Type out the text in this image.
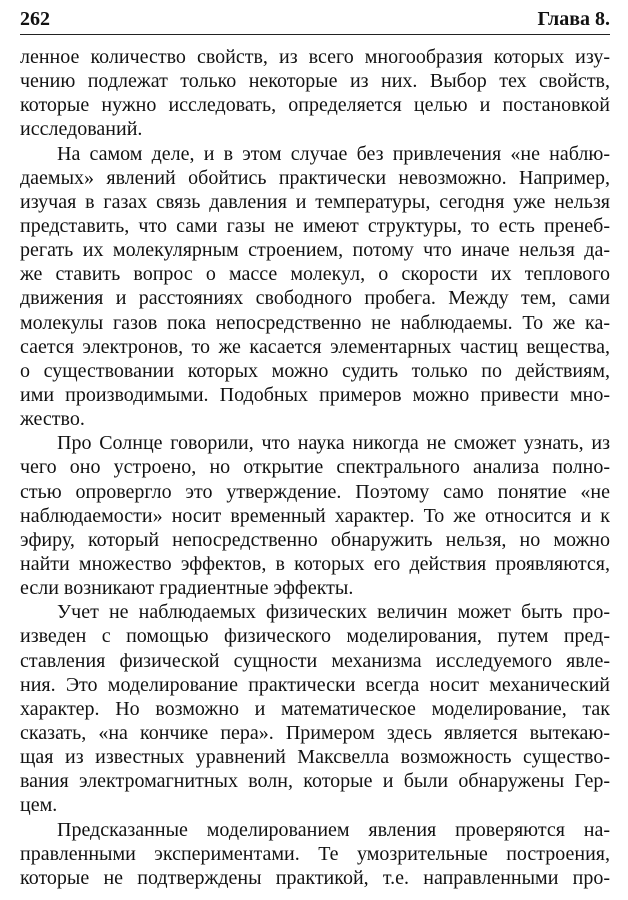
262	Глава 8.
ленное количество свойств, из всего многообразия которых изу-
чению подлежат только некоторые из них. Выбор тех свойств,
которые нужно исследовать, определяется целью и постановкой
исследований.
На самом деле, и в этом случае без привлечения «не наблю-
даемых» явлений обойтись практически невозможно. Например,
изучая в газах связь давления и температуры, сегодня уже нельзя
представить, что сами газы не имеют структуры, то есть пренеб-
регать их молекулярным строением, потому что иначе нельзя да-
же ставить вопрос о массе молекул, о скорости их теплового
движения и расстояниях свободного пробега. Между тем, сами
молекулы газов пока непосредственно не наблюдаемы. То же ка-
сается электронов, то же касается элементарных частиц вещества,
о существовании которых можно судить только по действиям,
ими производимыми. Подобных примеров можно привести мно-
жество.
Про Солнце говорили, что наука никогда не сможет узнать, из
чего оно устроено, но открытие спектрального анализа полно-
стью опровергло это утверждение. Поэтому само понятие «не
наблюдаемости» носит временный характер. То же относится и к
эфиру, который непосредственно обнаружить нельзя, но можно
найти множество эффектов, в которых его действия проявляются,
если возникают градиентные эффекты.
Учет не наблюдаемых физических величин может быть про-
изведен с помощью физического моделирования, путем пред-
ставления физической сущности механизма исследуемого явле-
ния. Это моделирование практически всегда носит механический
характер. Но возможно и математическое моделирование, так
сказать, «на кончике пера». Примером здесь является вытекаю-
щая из известных уравнений Максвелла возможность существо-
вания электромагнитных волн, которые и были обнаружены Гер-
цем.
Предсказанные моделированием явления проверяются на-
правленными экспериментами. Те умозрительные построения,
которые не подтверждены практикой, т.е. направленными про-
